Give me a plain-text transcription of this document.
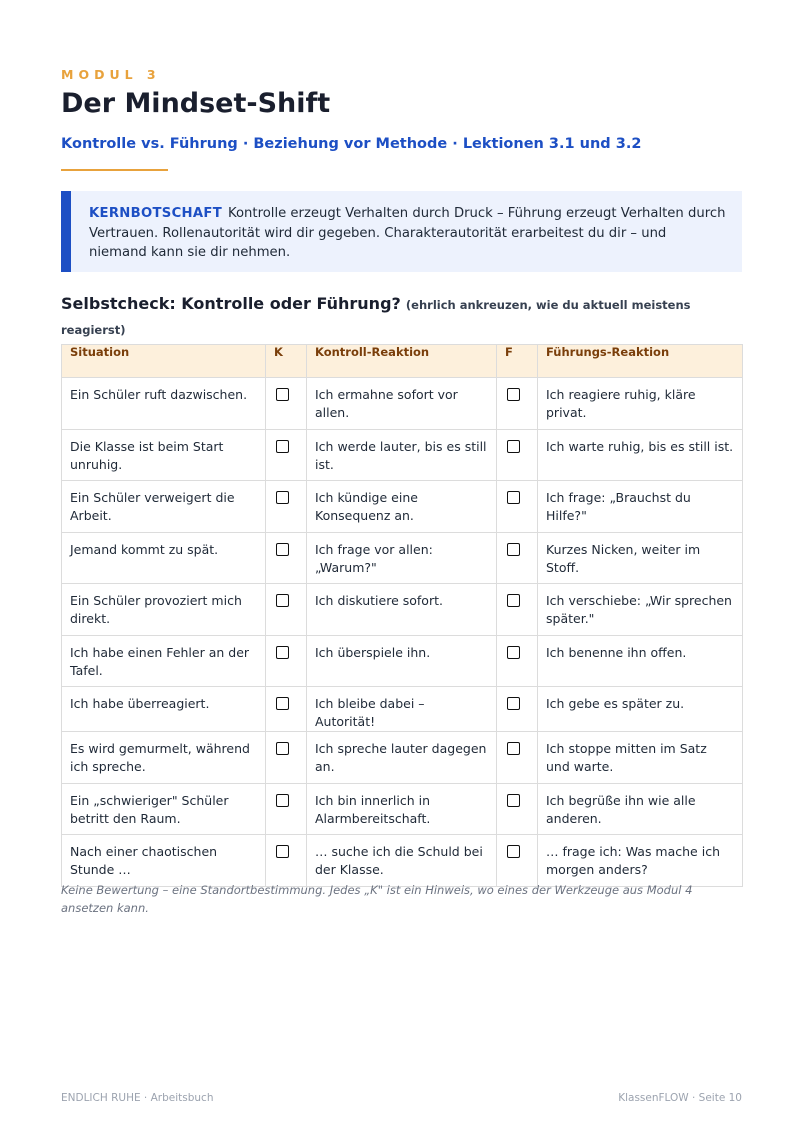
MODUL 3
Der Mindset-Shift
Kontrolle vs. Führung · Beziehung vor Methode · Lektionen 3.1 und 3.2
KERNBOTSCHAFT Kontrolle erzeugt Verhalten durch Druck – Führung erzeugt Verhalten durch Vertrauen. Rollenautorität wird dir gegeben. Charakterautorität erarbeitest du dir – und niemand kann sie dir nehmen.
Selbstcheck: Kontrolle oder Führung? (ehrlich ankreuzen, wie du aktuell meistens reagierst)
Situation	K	Kontroll-Reaktion	F	Führungs-Reaktion
Ein Schüler ruft dazwischen.		Ich ermahne sofort vor allen.		Ich reagiere ruhig, kläre privat.
Die Klasse ist beim Start unruhig.		Ich werde lauter, bis es still ist.		Ich warte ruhig, bis es still ist.
Ein Schüler verweigert die Arbeit.		Ich kündige eine Konsequenz an.		Ich frage: „Brauchst du Hilfe?"
Jemand kommt zu spät.		Ich frage vor allen: „Warum?"		Kurzes Nicken, weiter im Stoff.
Ein Schüler provoziert mich direkt.		Ich diskutiere sofort.		Ich verschiebe: „Wir sprechen später."
Ich habe einen Fehler an der Tafel.		Ich überspiele ihn.		Ich benenne ihn offen.
Ich habe überreagiert.		Ich bleibe dabei – Autorität!		Ich gebe es später zu.
Es wird gemurmelt, während ich spreche.		Ich spreche lauter dagegen an.		Ich stoppe mitten im Satz und warte.
Ein „schwieriger" Schüler betritt den Raum.		Ich bin innerlich in Alarmbereitschaft.		Ich begrüße ihn wie alle anderen.
Nach einer chaotischen Stunde …		… suche ich die Schuld bei der Klasse.		… frage ich: Was mache ich morgen anders?
Keine Bewertung – eine Standortbestimmung. Jedes „K" ist ein Hinweis, wo eines der Werkzeuge aus Modul 4 ansetzen kann.
ENDLICH RUHE · Arbeitsbuch	KlassenFLOW · Seite 10
